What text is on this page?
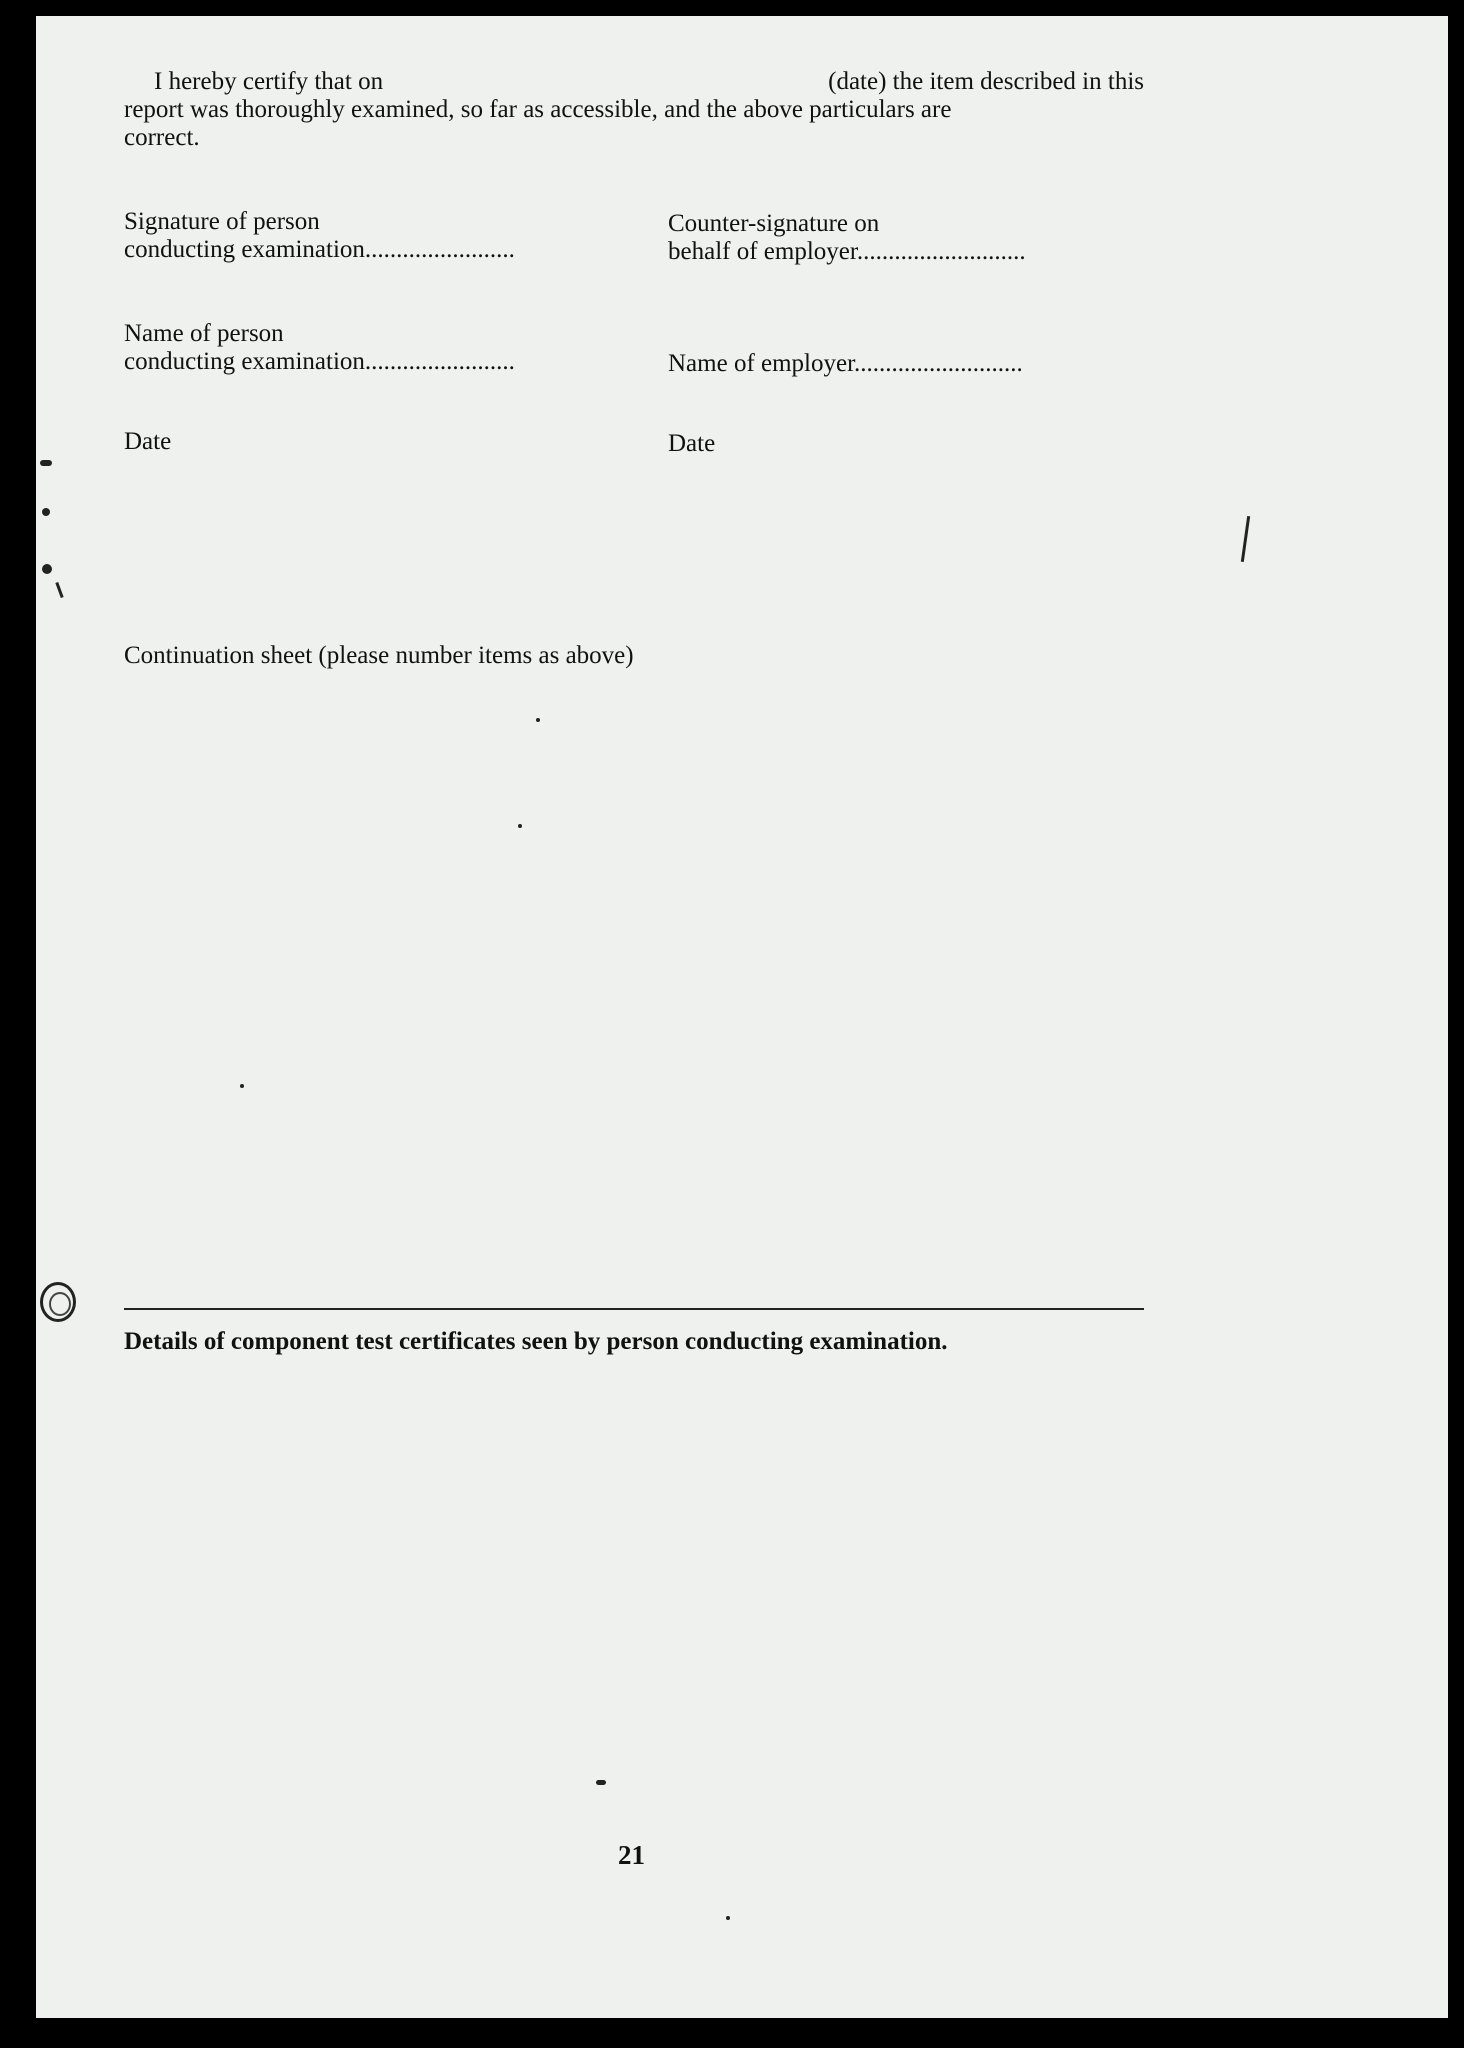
I hereby certify that on	(date) the item described in this
report was thoroughly examined, so far as accessible, and the above particulars are
correct.
Signature of person
conducting examination........................
Name of person
conducting examination........................
Date
Counter-signature on
behalf of employer...........................
Name of employer...........................
Date
Continuation sheet (please number items as above)
Details of component test certificates seen by person conducting examination.
21
